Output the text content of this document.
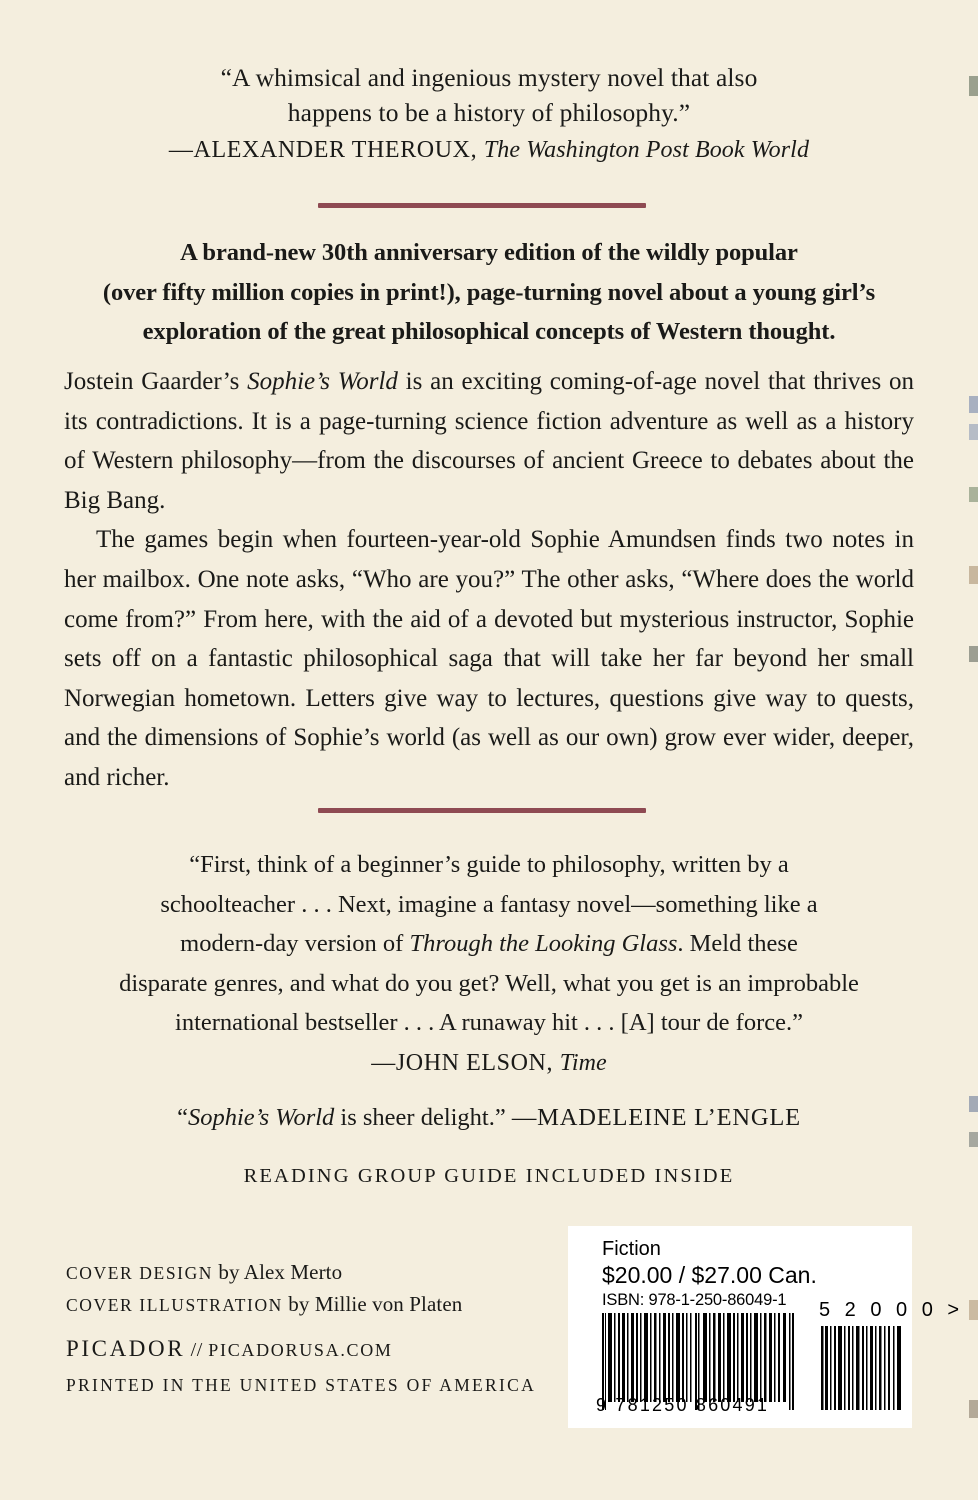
“A whimsical and ingenious mystery novel that also
happens to be a history of philosophy.”
—ALEXANDER THEROUX, The Washington Post Book World
A brand-new 30th anniversary edition of the wildly popular
(over fifty million copies in print!), page-turning novel about a young girl’s
exploration of the great philosophical concepts of Western thought.

Jostein Gaarder’s Sophie’s World is an exciting coming-of-age novel that thrives on its contradictions. It is a page-turning science fiction adventure as well as a history of Western philosophy—from the discourses of ancient Greece to debates about the Big Bang.

The games begin when fourteen-year-old Sophie Amundsen finds two notes in her mailbox. One note asks, “Who are you?” The other asks, “Where does the world come from?” From here, with the aid of a devoted but mysterious instructor, Sophie sets off on a fantastic philosophical saga that will take her far beyond her small Norwegian hometown. Letters give way to lectures, questions give way to quests, and the dimensions of Sophie’s world (as well as our own) grow ever wider, deeper, and richer.

“First, think of a beginner’s guide to philosophy, written by a
schoolteacher . . . Next, imagine a fantasy novel—something like a
modern-day version of Through the Looking Glass. Meld these
disparate genres, and what do you get? Well, what you get is an improbable
international bestseller . . . A runaway hit . . . [A] tour de force.”
—JOHN ELSON, Time
“Sophie’s World is sheer delight.” —MADELEINE L’ENGLE
READING GROUP GUIDE INCLUDED INSIDE
COVER DESIGN by Alex Merto
COVER ILLUSTRATION by Millie von Platen
PICADOR // PICADORUSA.COM
PRINTED IN THE UNITED STATES OF AMERICA
Fiction
$20.00 / $27.00 Can.
ISBN: 978-1-250-86049-1
9 781250 860491
5 2 0 0 0 >
